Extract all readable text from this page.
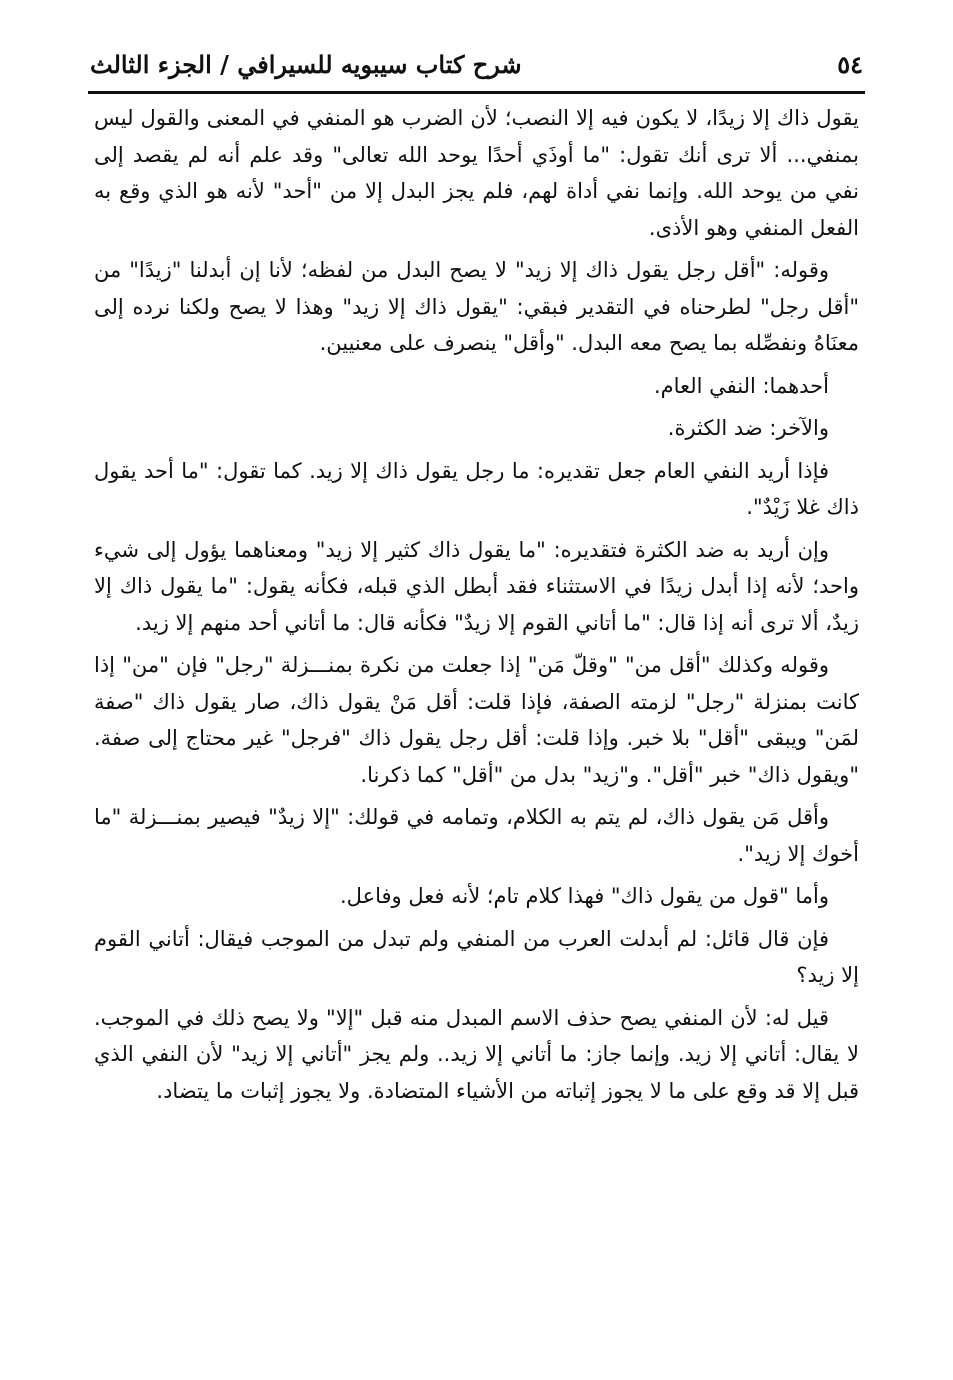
٥٤
شرح كتاب سيبويه للسيرافي / الجزء الثالث

يقول ذاك إلا زيدًا، لا يكون فيه إلا النصب؛ لأن الضرب هو المنفي في المعنى والقول ليس بمنفي... ألا ترى أنك تقول: "ما أوذَي أحدًا يوحد الله تعالى" وقد علم أنه لم يقصد إلى نفي من يوحد الله. وإنما نفي أداة لهم، فلم يجز البدل إلا من "أحد" لأنه هو الذي وقع به الفعل المنفي وهو الأذى.

وقوله: "أقل رجل يقول ذاك إلا زيد" لا يصح البدل من لفظه؛ لأنا إن أبدلنا "زيدًا" من "أقل رجل" لطرحناه في التقدير فبقي: "يقول ذاك إلا زيد" وهذا لا يصح ولكنا نرده إلى معنَاهُ ونفصِّله بما يصح معه البدل. "وأقل" ينصرف على معنيين.

أحدهما: النفي العام.

والآخر: ضد الكثرة.

فإذا أريد النفي العام جعل تقديره: ما رجل يقول ذاك إلا زيد. كما تقول: "ما أحد يقول ذاك غلا زَيْدٌ".

وإن أريد به ضد الكثرة فتقديره: "ما يقول ذاك كثير إلا زيد" ومعناهما يؤول إلى شيء واحد؛ لأنه إذا أبدل زيدًا في الاستثناء فقد أبطل الذي قبله، فكأنه يقول: "ما يقول ذاك إلا زيدٌ، ألا ترى أنه إذا قال: "ما أتاني القوم إلا زيدٌ" فكأنه قال: ما أتاني أحد منهم إلا زيد.

وقوله وكذلك "أقل من" "وقلّ مَن" إذا جعلت من نكرة بمنـــزلة "رجل" فإن "من" إذا كانت بمنزلة "رجل" لزمته الصفة، فإذا قلت: أقل مَنْ يقول ذاك، صار يقول ذاك "صفة لمَن" ويبقى "أقل" بلا خبر. وإذا قلت: أقل رجل يقول ذاك "فرجل" غير محتاج إلى صفة. "ويقول ذاك" خبر "أقل". و"زيد" بدل من "أقل" كما ذكرنا.

وأقل مَن يقول ذاك، لم يتم به الكلام، وتمامه في قولك: "إلا زيدٌ" فيصير بمنـــزلة "ما أخوك إلا زيد".

وأما "قول من يقول ذاك" فهذا كلام تام؛ لأنه فعل وفاعل.

فإن قال قائل: لم أبدلت العرب من المنفي ولم تبدل من الموجب فيقال: أتاني القوم إلا زيد؟

قيل له: لأن المنفي يصح حذف الاسم المبدل منه قبل "إلا" ولا يصح ذلك في الموجب. لا يقال: أتاني إلا زيد. وإنما جاز: ما أتاني إلا زيد.. ولم يجز "أتاني إلا زيد" لأن النفي الذي قبل إلا قد وقع على ما لا يجوز إثباته من الأشياء المتضادة. ولا يجوز إثبات ما يتضاد.
